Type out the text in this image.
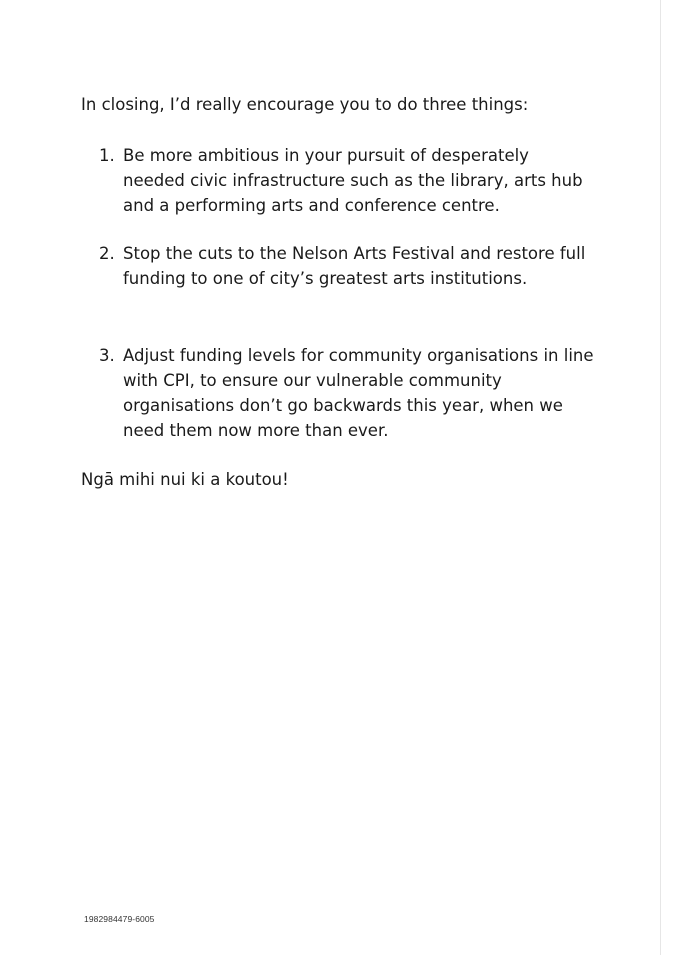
In closing, I’d really encourage you to do three things:

1. Be more ambitious in your pursuit of desperately
needed civic infrastructure such as the library, arts hub
and a performing arts and conference centre.

2. Stop the cuts to the Nelson Arts Festival and restore full
funding to one of city’s greatest arts institutions.

3. Adjust funding levels for community organisations in line
with CPI, to ensure our vulnerable community
organisations don’t go backwards this year, when we
need them now more than ever.

Ngā mihi nui ki a koutou!

1982984479-6005
